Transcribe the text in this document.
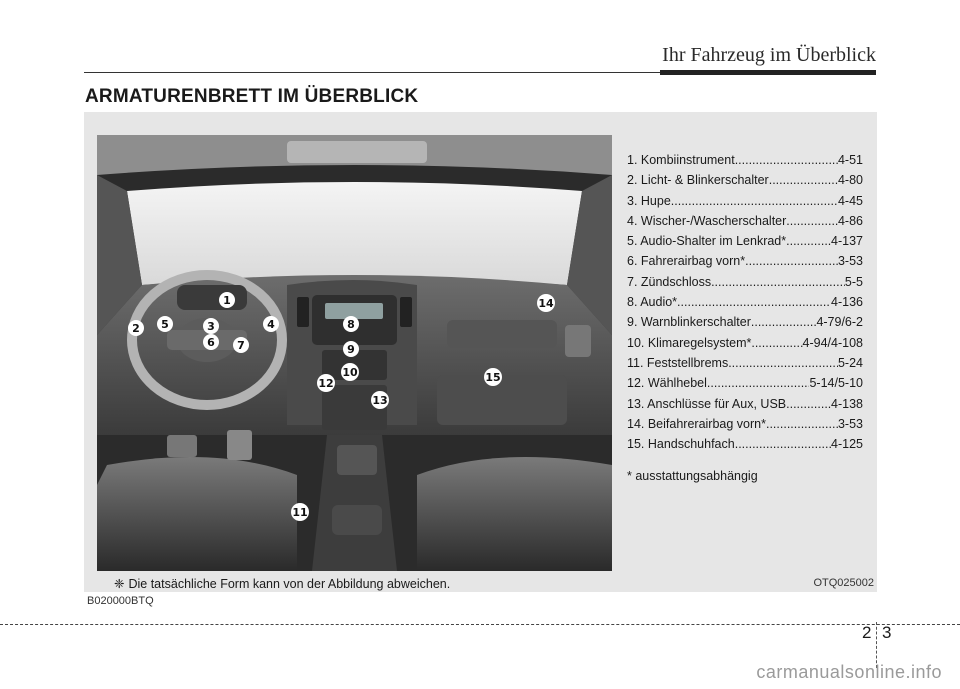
Ihr Fahrzeug im Überblick
ARMATURENBRETT IM ÜBERBLICK
1
2	3	4
5
6 7
8
9
10
11
12
13
14
15
1. Kombiinstrument .....	4-51
2. Licht- & Blinkerschalter .....	4-80
3. Hupe .....	4-45
4. Wischer-/Wascherschalter .....	4-86
5. Audio-Shalter im Lenkrad* .....	4-137
6. Fahrerairbag vorn* .....	3-53
7. Zündschloss .....	5-5
8. Audio* .....	4-136
9. Warnblinkerschalter .....	4-79/6-2
10. Klimaregelsystem* .....	4-94/4-108
11. Feststellbrems .....	5-24
12. Wählhebel .....	5-14/5-10
13. Anschlüsse für Aux, USB .....	4-138
14. Beifahrerairbag vorn* .....	3-53
15. Handschuhfach .....	4-125
* ausstattungsabhängig
❈ Die tatsächliche Form kann von der Abbildung abweichen.	OTQ025002
B020000BTQ
2 3
carmanualsonline.info
